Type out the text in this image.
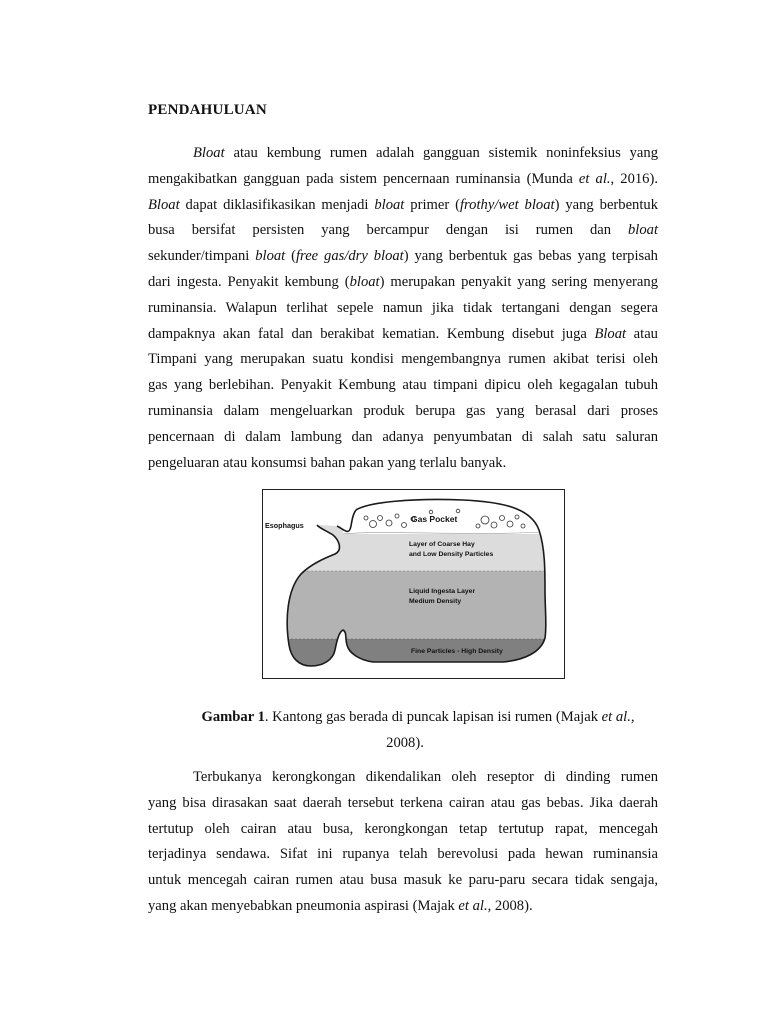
PENDAHULUAN
Bloat atau kembung rumen adalah gangguan sistemik noninfeksius yang
mengakibatkan gangguan pada sistem pencernaan ruminansia (Munda et al., 2016).
Bloat dapat diklasifikasikan menjadi bloat primer (frothy/wet bloat) yang berbentuk
busa bersifat persisten yang bercampur dengan isi rumen dan bloat
sekunder/timpani bloat (free gas/dry bloat) yang berbentuk gas bebas yang terpisah
dari ingesta. Penyakit kembung (bloat) merupakan penyakit yang sering menyerang
ruminansia. Walapun terlihat sepele namun jika tidak tertangani dengan segera
dampaknya akan fatal dan berakibat kematian. Kembung disebut juga Bloat atau
Timpani yang merupakan suatu kondisi mengembangnya rumen akibat terisi oleh
gas yang berlebihan. Penyakit Kembung atau timpani dipicu oleh kegagalan tubuh
ruminansia dalam mengeluarkan produk berupa gas yang berasal dari proses
pencernaan di dalam lambung dan adanya penyumbatan di salah satu saluran
pengeluaran atau konsumsi bahan pakan yang terlalu banyak.
Esophagus
Gas Pocket
Layer of Coarse Hay
and Low Density Particles
Liquid Ingesta Layer
Medium Density
Fine Particles - High Density
Gambar 1. Kantong gas berada di puncak lapisan isi rumen (Majak et al.,
2008).
Terbukanya kerongkongan dikendalikan oleh reseptor di dinding rumen
yang bisa dirasakan saat daerah tersebut terkena cairan atau gas bebas. Jika daerah
tertutup oleh cairan atau busa, kerongkongan tetap tertutup rapat, mencegah
terjadinya sendawa. Sifat ini rupanya telah berevolusi pada hewan ruminansia
untuk mencegah cairan rumen atau busa masuk ke paru-paru secara tidak sengaja,
yang akan menyebabkan pneumonia aspirasi (Majak et al., 2008).
